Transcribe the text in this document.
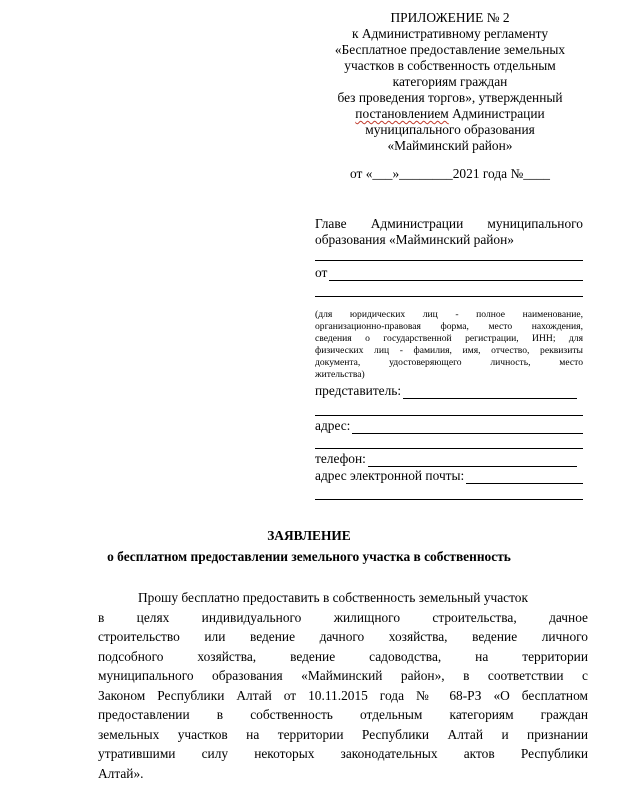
ПРИЛОЖЕНИЕ № 2
к Административному регламенту
«Бесплатное предоставление земельных
участков в собственность отдельным
категориям граждан
без проведения торгов», утвержденный
постановлением Администрации
муниципального образования
«Майминский район»
от «___»________2021 года №____
Главе Администрации муниципального
образования «Майминский район»
от
(для юридических лиц - полное наименование,
организационно-правовая форма, место нахождения,
сведения о государственной регистрации, ИНН; для
физических лиц - фамилия, имя, отчество, реквизиты
документа, удостоверяющего личность, место
жительства)
представитель:
адрес:
телефон:
адрес электронной почты:
ЗАЯВЛЕНИЕ
о бесплатном предоставлении земельного участка в собственность
Прошу бесплатно предоставить в собственность земельный участок
в целях индивидуального жилищного строительства, дачное
строительство или ведение дачного хозяйства, ведение личного
подсобного хозяйства, ведение садоводства, на территории
муниципального образования «Майминский район», в соответствии с
Законом Республики Алтай от 10.11.2015 года № 68-РЗ «О бесплатном
предоставлении в собственность отдельным категориям граждан
земельных участков на территории Республики Алтай и признании
утратившими силу некоторых законодательных актов Республики
Алтай».
